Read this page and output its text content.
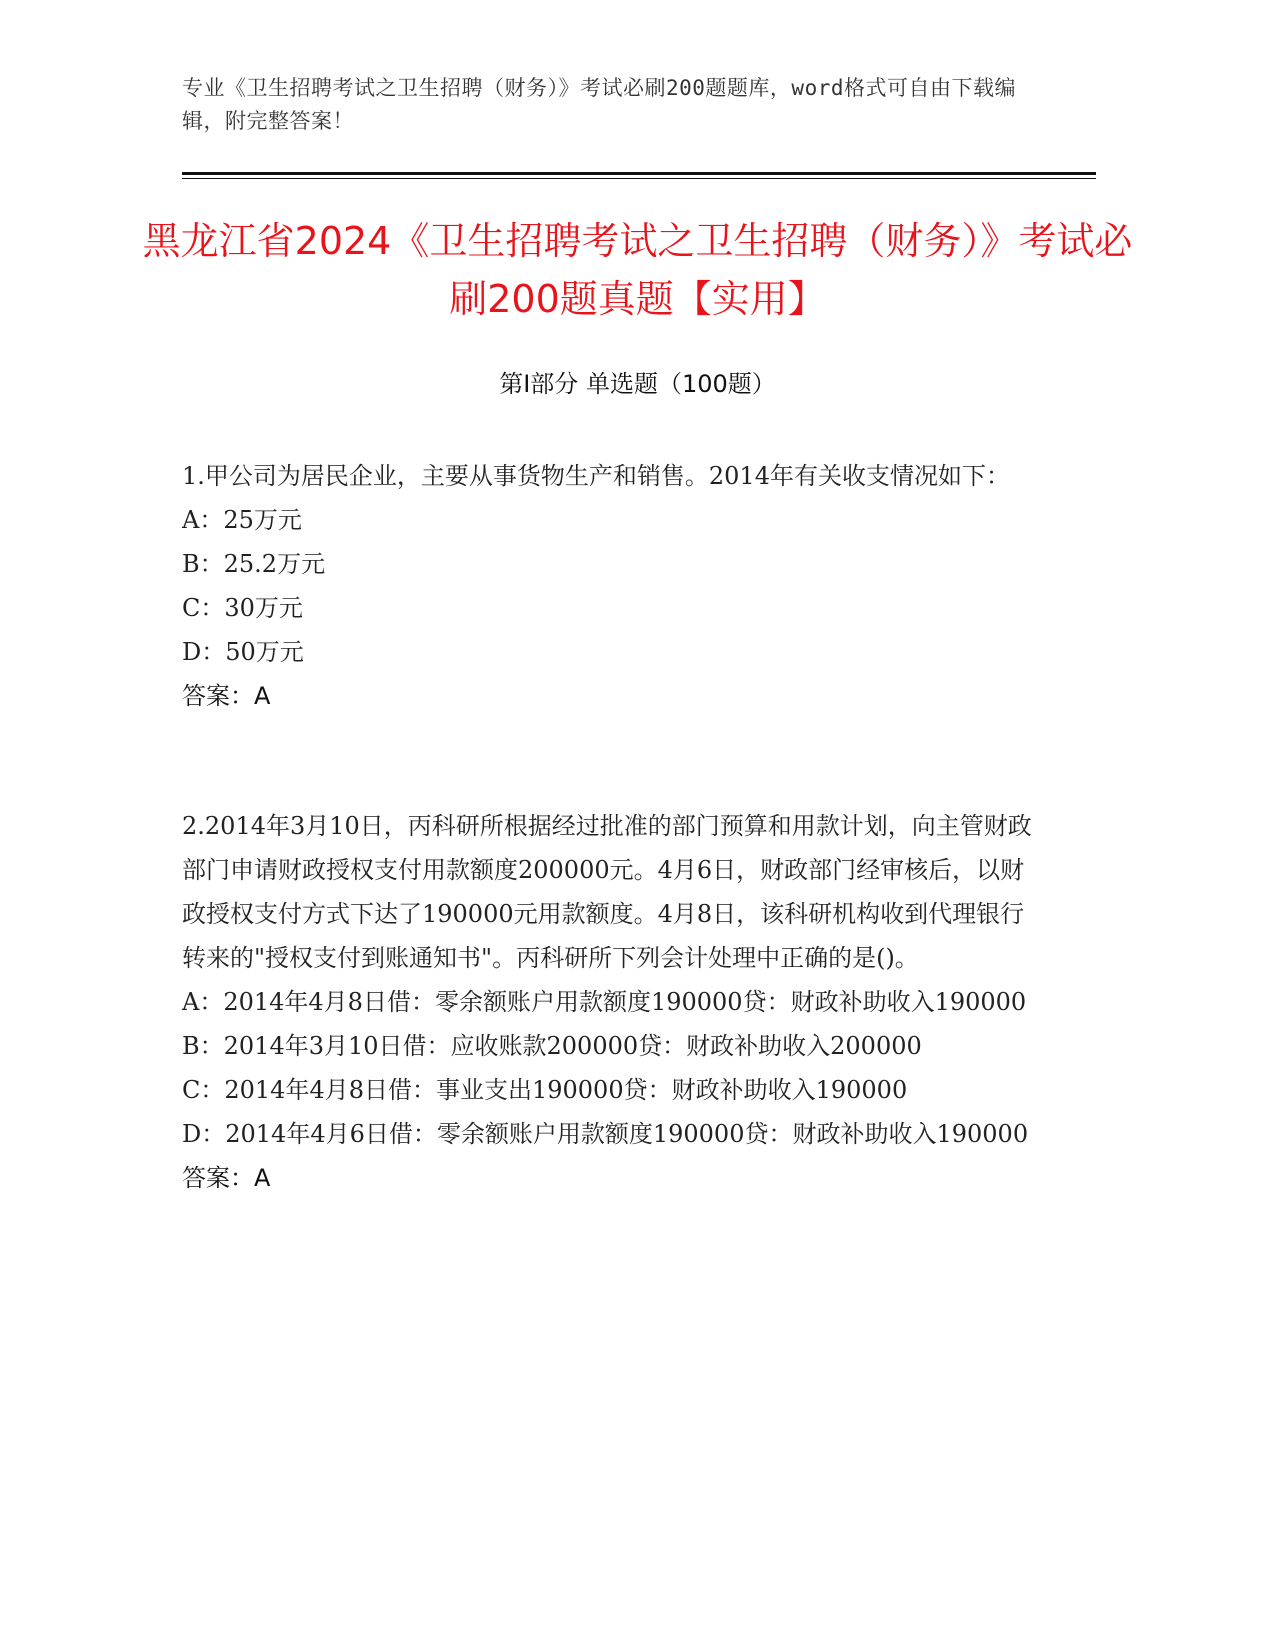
专业《卫生招聘考试之卫生招聘（财务）》考试必刷200题题库，word格式可自由下载编辑，附完整答案！
黑龙江省2024《卫生招聘考试之卫生招聘（财务）》考试必刷200题真题【实用】
第I部分 单选题（100题）

1.甲公司为居民企业，主要从事货物生产和销售。2014年有关收支情况如下：

A：25万元

B：25.2万元

C：30万元

D：50万元

答案：A

2.2014年3月10日，丙科研所根据经过批准的部门预算和用款计划，向主管财政部门申请财政授权支付用款额度200000元。4月6日，财政部门经审核后，以财政授权支付方式下达了190000元用款额度。4月8日，该科研机构收到代理银行转来的"授权支付到账通知书"。丙科研所下列会计处理中正确的是()。

A：2014年4月8日借：零余额账户用款额度190000贷：财政补助收入190000

B：2014年3月10日借：应收账款200000贷：财政补助收入200000

C：2014年4月8日借：事业支出190000贷：财政补助收入190000

D：2014年4月6日借：零余额账户用款额度190000贷：财政补助收入190000

答案：A
